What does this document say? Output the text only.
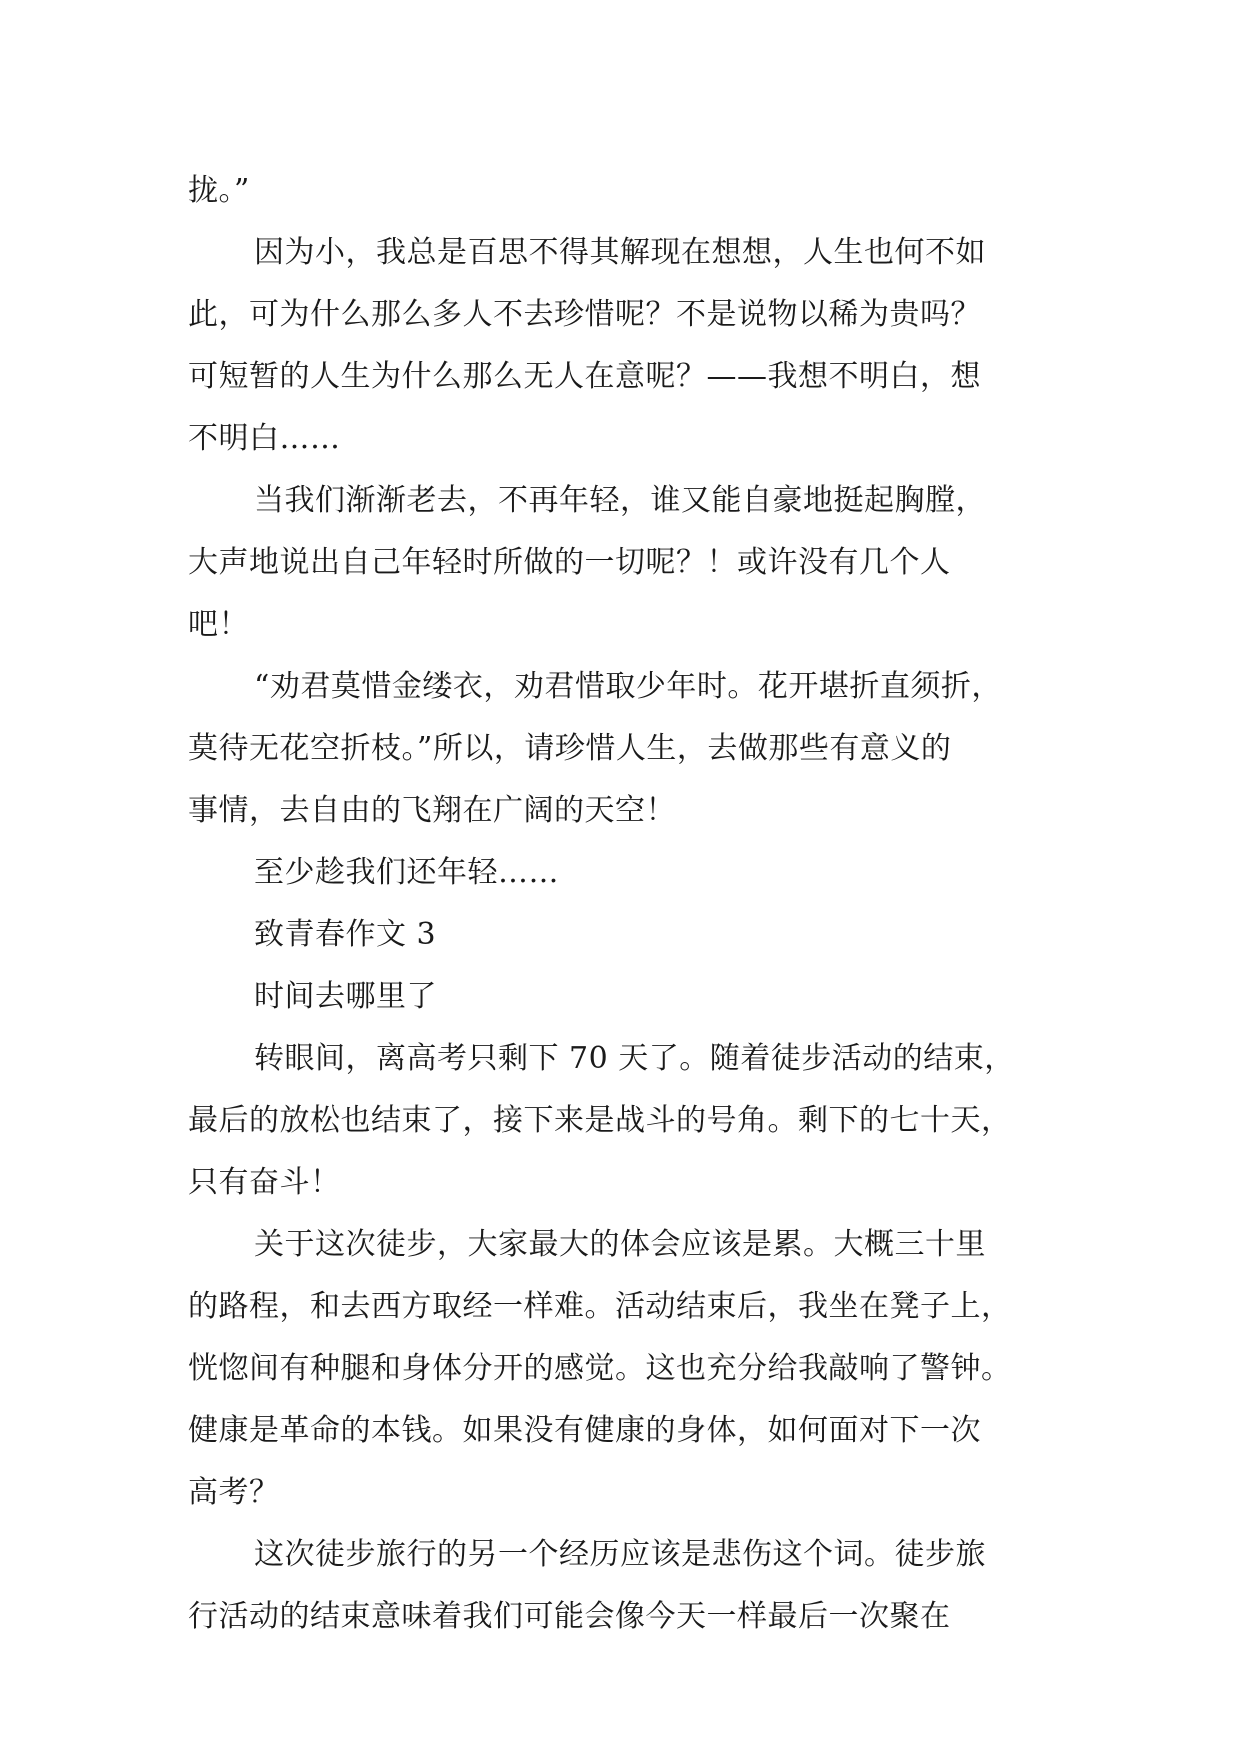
拢。”
因为小，我总是百思不得其解现在想想，人生也何不如
此，可为什么那么多人不去珍惜呢？不是说物以稀为贵吗？
可短暂的人生为什么那么无人在意呢？——我想不明白，想
不明白……
当我们渐渐老去，不再年轻，谁又能自豪地挺起胸膛，
大声地说出自己年轻时所做的一切呢？！或许没有几个人
吧！
“劝君莫惜金缕衣，劝君惜取少年时。花开堪折直须折，
莫待无花空折枝。”所以，请珍惜人生，去做那些有意义的
事情，去自由的飞翔在广阔的天空！
至少趁我们还年轻……
致青春作文 3
时间去哪里了
转眼间，离高考只剩下 70 天了。随着徒步活动的结束，
最后的放松也结束了，接下来是战斗的号角。剩下的七十天，
只有奋斗！
关于这次徒步，大家最大的体会应该是累。大概三十里
的路程，和去西方取经一样难。活动结束后，我坐在凳子上，
恍惚间有种腿和身体分开的感觉。这也充分给我敲响了警钟。
健康是革命的本钱。如果没有健康的身体，如何面对下一次
高考？
这次徒步旅行的另一个经历应该是悲伤这个词。徒步旅
行活动的结束意味着我们可能会像今天一样最后一次聚在
